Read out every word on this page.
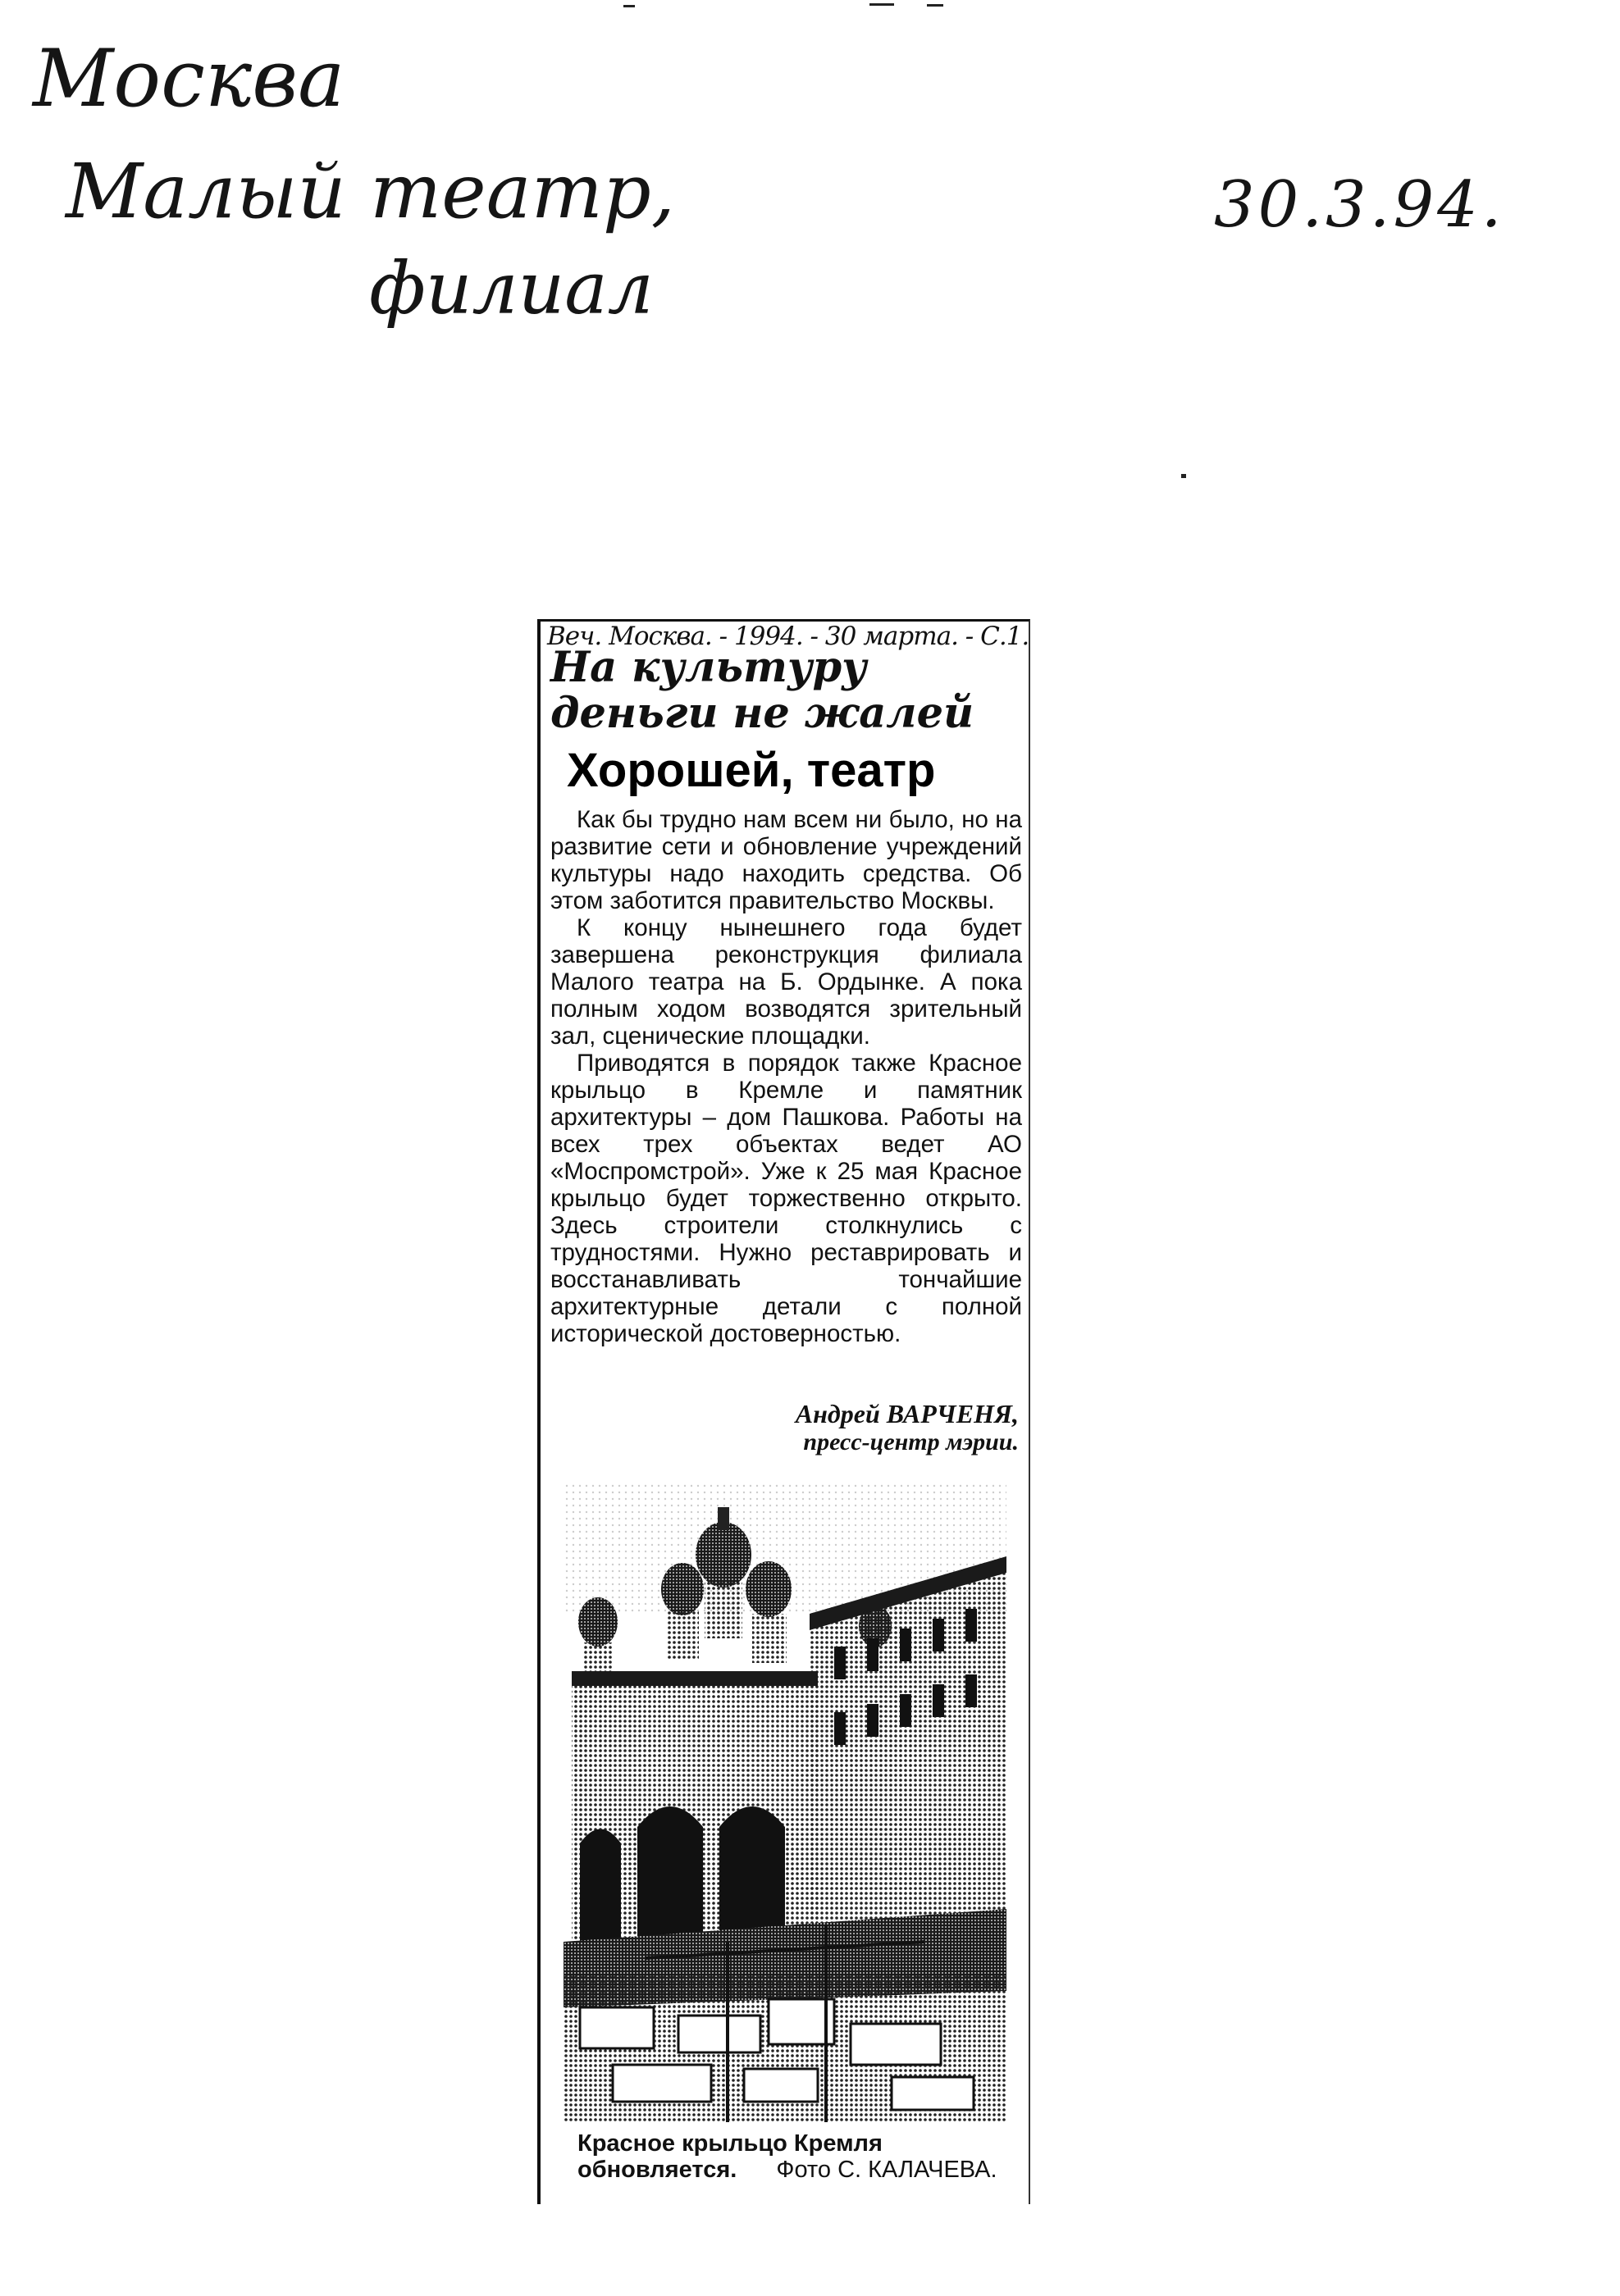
Москва
Малый театр,
филиал
30.3.94.
Веч. Москва. - 1994. - 30 марта. - С.1.
На культуру деньги не жалей
Хорошей, театр

Как бы трудно нам всем ни было, но на развитие сети и обновление учреждений культуры надо находить средства. Об этом заботится правительство Москвы.

К концу нынешнего года будет завершена реконструкция филиала Малого театра на Б. Ордынке. А пока полным ходом возводятся зрительный зал, сценические площадки.

Приводятся в порядок также Красное крыльцо в Кремле и памятник архитектуры – дом Пашкова. Работы на всех трех объектах ведет АО «Моспромстрой». Уже к 25 мая Красное крыльцо будет торжественно открыто. Здесь строители столкнулись с трудностями. Нужно реставрировать и восстанавливать тончайшие архитектурные детали с полной исторической достоверностью.

Андрей ВАРЧЕНЯ,
пресс-центр мэрии.
Красное крыльцо Кремля обновляется. Фото С. КАЛАЧЕВА.
